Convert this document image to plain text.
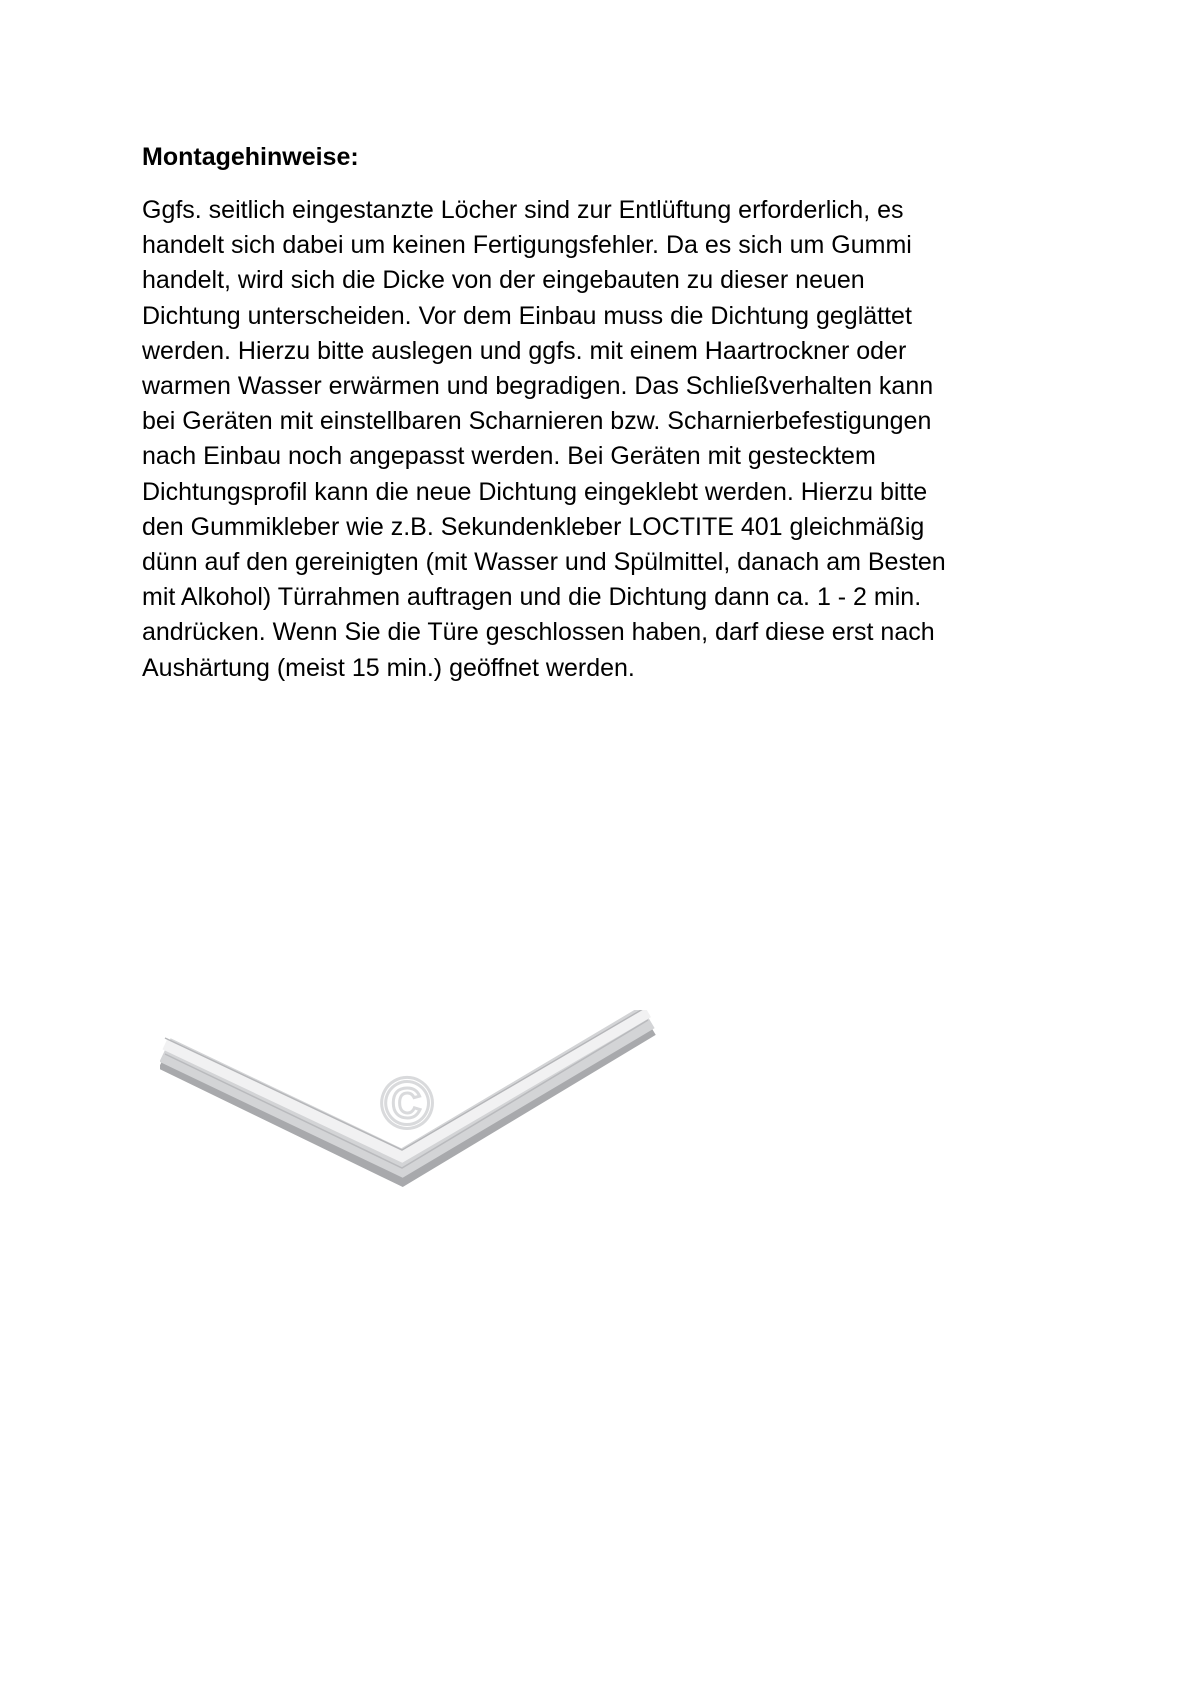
Montagehinweise:
Ggfs. seitlich eingestanzte Löcher sind zur Entlüftung erforderlich, es
handelt sich dabei um keinen Fertigungsfehler. Da es sich um Gummi
handelt, wird sich die Dicke von der eingebauten zu dieser neuen
Dichtung unterscheiden. Vor dem Einbau muss die Dichtung geglättet
werden. Hierzu bitte auslegen und ggfs. mit einem Haartrockner oder
warmen Wasser erwärmen und begradigen. Das Schließverhalten kann
bei Geräten mit einstellbaren Scharnieren bzw. Scharnierbefestigungen
nach Einbau noch angepasst werden. Bei Geräten mit gestecktem
Dichtungsprofil kann die neue Dichtung eingeklebt werden. Hierzu bitte
den Gummikleber wie z.B. Sekundenkleber LOCTITE 401 gleichmäßig
dünn auf den gereinigten (mit Wasser und Spülmittel, danach am Besten
mit Alkohol) Türrahmen auftragen und die Dichtung dann ca. 1 - 2 min.
andrücken. Wenn Sie die Türe geschlossen haben, darf diese erst nach
Aushärtung (meist 15 min.) geöffnet werden.
©
